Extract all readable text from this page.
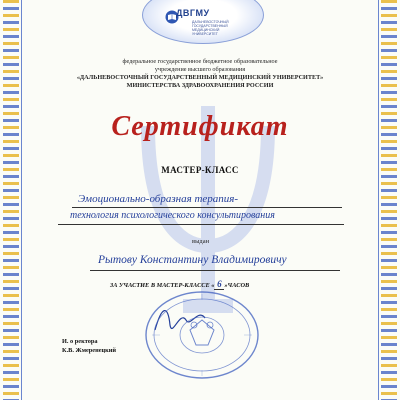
ДВГМУ
ДАЛЬНЕВОСТОЧНЫЙ ГОСУДАРСТВЕННЫЙ МЕДИЦИНСКИЙ УНИВЕРСИТЕТ
федеральное государственное бюджетное образовательное
учреждение высшего образования
«ДАЛЬНЕВОСТОЧНЫЙ ГОСУДАРСТВЕННЫЙ МЕДИЦИНСКИЙ УНИВЕРСИТЕТ»
МИНИСТЕРСТВА ЗДРАВООХРАНЕНИЯ РОССИИ
Сертификат
МАСТЕР-КЛАСС
Эмоционально-образная терапия-
технология психологического консультирования
выдан
Рытову Константину Владимировичу
ЗА УЧАСТИЕ В МАСТЕР-КЛАССЕ « 6 »ЧАСОВ
И. о ректора
К.В. Жмеренецкий
